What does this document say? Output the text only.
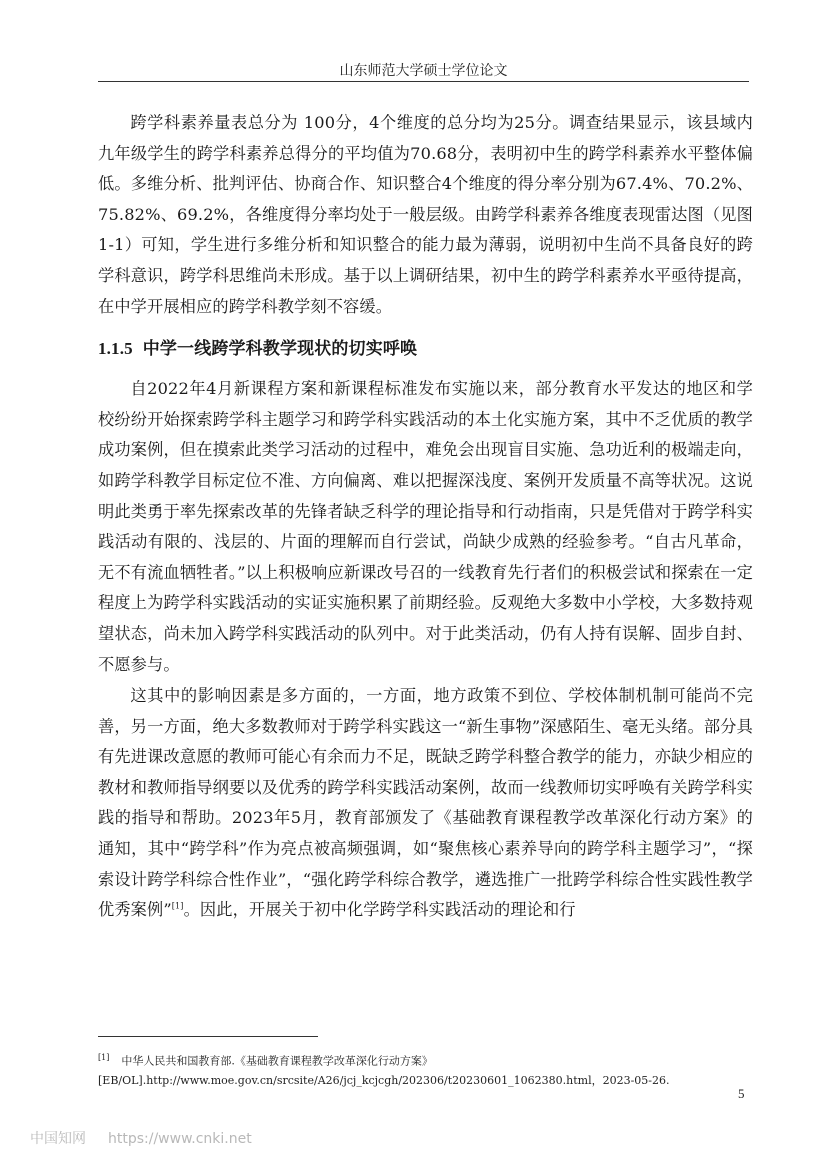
山东师范大学硕士学位论文

跨学科素养量表总分为 100分，4个维度的总分均为25分。调查结果显示，该县域内九年级学生的跨学科素养总得分的平均值为70.68分，表明初中生的跨学科素养水平整体偏低。多维分析、批判评估、协商合作、知识整合4个维度的得分率分别为67.4%、70.2%、75.82%、69.2%，各维度得分率均处于一般层级。由跨学科素养各维度表现雷达图（见图1-1）可知，学生进行多维分析和知识整合的能力最为薄弱，说明初中生尚不具备良好的跨学科意识，跨学科思维尚未形成。基于以上调研结果，初中生的跨学科素养水平亟待提高，在中学开展相应的跨学科教学刻不容缓。

1.1.5 中学一线跨学科教学现状的切实呼唤

自2022年4月新课程方案和新课程标准发布实施以来，部分教育水平发达的地区和学校纷纷开始探索跨学科主题学习和跨学科实践活动的本土化实施方案，其中不乏优质的教学成功案例，但在摸索此类学习活动的过程中，难免会出现盲目实施、急功近利的极端走向，如跨学科教学目标定位不准、方向偏离、难以把握深浅度、案例开发质量不高等状况。这说明此类勇于率先探索改革的先锋者缺乏科学的理论指导和行动指南，只是凭借对于跨学科实践活动有限的、浅层的、片面的理解而自行尝试，尚缺少成熟的经验参考。“自古凡革命，无不有流血牺牲者。”以上积极响应新课改号召的一线教育先行者们的积极尝试和探索在一定程度上为跨学科实践活动的实证实施积累了前期经验。反观绝大多数中小学校，大多数持观望状态，尚未加入跨学科实践活动的队列中。对于此类活动，仍有人持有误解、固步自封、不愿参与。

这其中的影响因素是多方面的，一方面，地方政策不到位、学校体制机制可能尚不完善，另一方面，绝大多数教师对于跨学科实践这一“新生事物”深感陌生、毫无头绪。部分具有先进课改意愿的教师可能心有余而力不足，既缺乏跨学科整合教学的能力，亦缺少相应的教材和教师指导纲要以及优秀的跨学科实践活动案例，故而一线教师切实呼唤有关跨学科实践的指导和帮助。2023年5月，教育部颁发了《基础教育课程教学改革深化行动方案》的通知，其中“跨学科”作为亮点被高频强调，如“聚焦核心素养导向的跨学科主题学习”，“探索设计跨学科综合性作业”，“强化跨学科综合教学，遴选推广一批跨学科综合性实践性教学优秀案例”[1]。因此，开展关于初中化学跨学科实践活动的理论和行

[1] 中华人民共和国教育部.《基础教育课程教学改革深化行动方案》[EB/OL].http://www.moe.gov.cn/srcsite/A26/jcj_kcjcgh/202306/t20230601_1062380.html，2023-05-26.
5
中国知网 https://www.cnki.net
